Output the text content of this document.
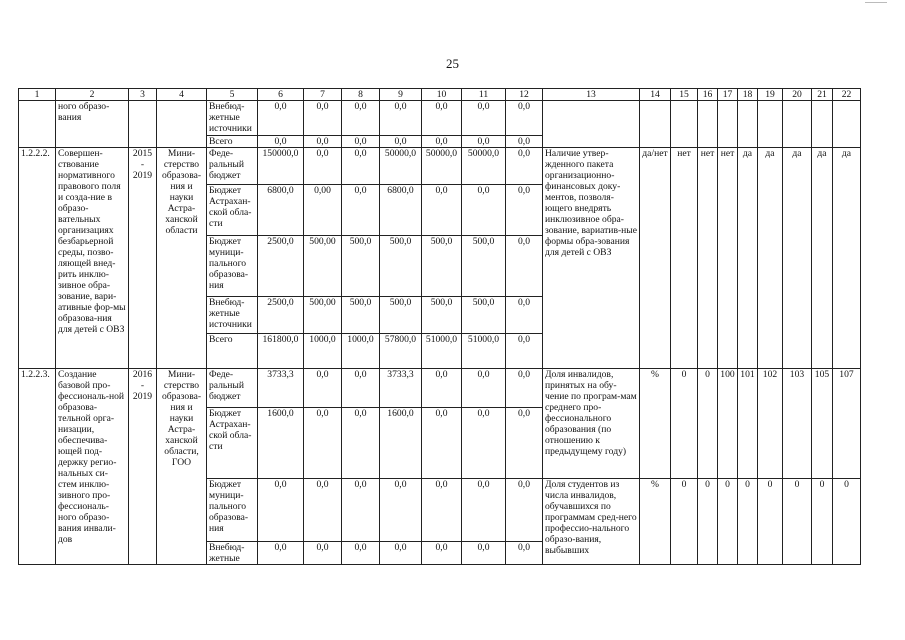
25
1	2	3	4	5	6	7	8	9	10	11	12	13	14	15	16	17	18	19	20	21	22
	ного образо-вания			Внебюд-жетные источники	0,0	0,0	0,0	0,0	0,0	0,0	0,0										
				Всего	0,0	0,0	0,0	0,0	0,0	0,0	0,0										
1.2.2.2.	Совершен-ствование нормативного правового поля и созда-ние в образо-вательных организациях безбарьерной среды, позво-ляющей внед-рить инклю-зивное обра-зование, вари-ативные фор-мы образова-ния для детей с ОВЗ	2015 - 2019	Мини-стерство образова-ния и науки Астра-ханской области	Феде-ральный бюджет	150000,0	0,0	0,0	50000,0	50000,0	50000,0	0,0	Наличие утвер-жденного пакета организационно-финансовых доку-ментов, позволя-ющего внедрять инклюзивное обра-зование, вариатив-ные формы обра-зования для детей с ОВЗ	да/нет	нет	нет	нет	да	да	да	да	да
				Бюджет Астрахан-ской обла-сти	6800,0	0,00	0,0	6800,0	0,0	0,0	0,0										
				Бюджет муници-пального образова-ния	2500,0	500,00	500,0	500,0	500,0	500,0	0,0										
				Внебюд-жетные источники	2500,0	500,00	500,0	500,0	500,0	500,0	0,0										
				Всего	161800,0	1000,0	1000,0	57800,0	51000,0	51000,0	0,0										
1.2.2.3.	Создание базовой про-фессиональ-ной образова-тельной орга-низации, обеспечива-ющей под-держку регио-нальных си-стем инклю-зивного про-фессиональ-ного образо-вания инвали-дов	2016 - 2019	Мини-стерство образова-ния и науки Астра-ханской области, ГОО	Феде-ральный бюджет	3733,3	0,0	0,0	3733,3	0,0	0,0	0,0	Доля инвалидов, принятых на обу-чение по програм-мам среднего про-фессионального образования (по отношению к предыдущему году)	%	0	0	100	101	102	103	105	107
				Бюджет Астрахан-ской обла-сти	1600,0	0,0	0,0	1600,0	0,0	0,0	0,0										
				Бюджет муници-пального образова-ния	0,0	0,0	0,0	0,0	0,0	0,0	0,0	Доля студентов из числа инвалидов, обучавшихся по программам сред-него профессио-нального образо-вания, выбывших	%	0	0	0	0	0	0	0	0
				Внебюд-жетные	0,0	0,0	0,0	0,0	0,0	0,0	0,0										
